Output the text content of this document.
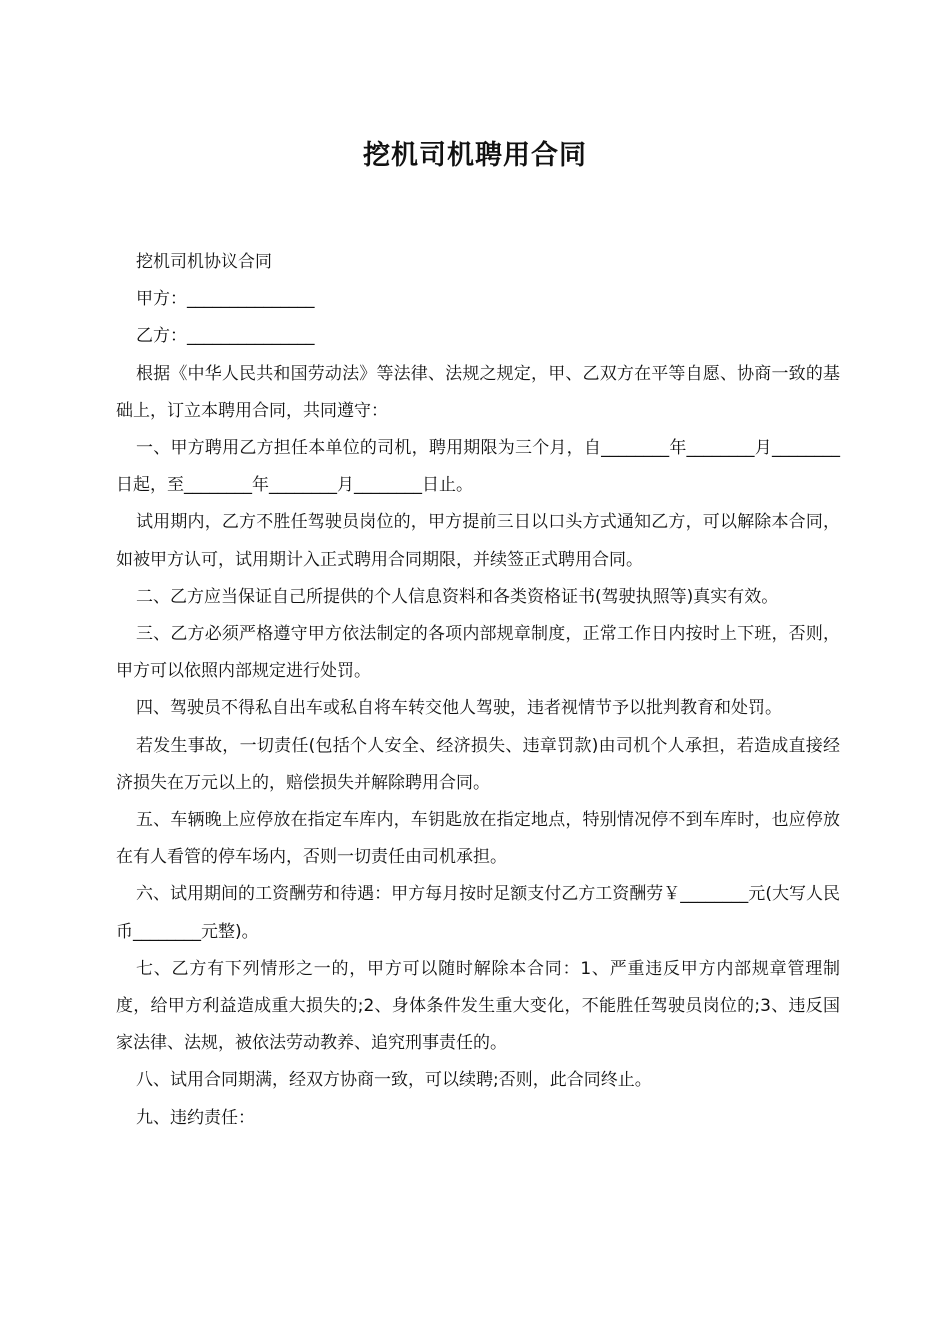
挖机司机聘用合同

挖机司机协议合同

甲方：_______________

乙方：_______________

根据《中华人民共和国劳动法》等法律、法规之规定，甲、乙双方在平等自愿、协商一致的基础上，订立本聘用合同，共同遵守：

一、甲方聘用乙方担任本单位的司机，聘用期限为三个月，自________年________月________日起，至________年________月________日止。

试用期内，乙方不胜任驾驶员岗位的，甲方提前三日以口头方式通知乙方，可以解除本合同，如被甲方认可，试用期计入正式聘用合同期限，并续签正式聘用合同。

二、乙方应当保证自己所提供的个人信息资料和各类资格证书(驾驶执照等)真实有效。

三、乙方必须严格遵守甲方依法制定的各项内部规章制度，正常工作日内按时上下班，否则，甲方可以依照内部规定进行处罚。

四、驾驶员不得私自出车或私自将车转交他人驾驶，违者视情节予以批判教育和处罚。

若发生事故，一切责任(包括个人安全、经济损失、违章罚款)由司机个人承担，若造成直接经济损失在万元以上的，赔偿损失并解除聘用合同。

五、车辆晚上应停放在指定车库内，车钥匙放在指定地点，特别情况停不到车库时，也应停放在有人看管的停车场内，否则一切责任由司机承担。

六、试用期间的工资酬劳和待遇：甲方每月按时足额支付乙方工资酬劳￥________元(大写人民币________元整)。

七、乙方有下列情形之一的，甲方可以随时解除本合同：1、严重违反甲方内部规章管理制度，给甲方利益造成重大损失的;2、身体条件发生重大变化，不能胜任驾驶员岗位的;3、违反国家法律、法规，被依法劳动教养、追究刑事责任的。

八、试用合同期满，经双方协商一致，可以续聘;否则，此合同终止。

九、违约责任：
